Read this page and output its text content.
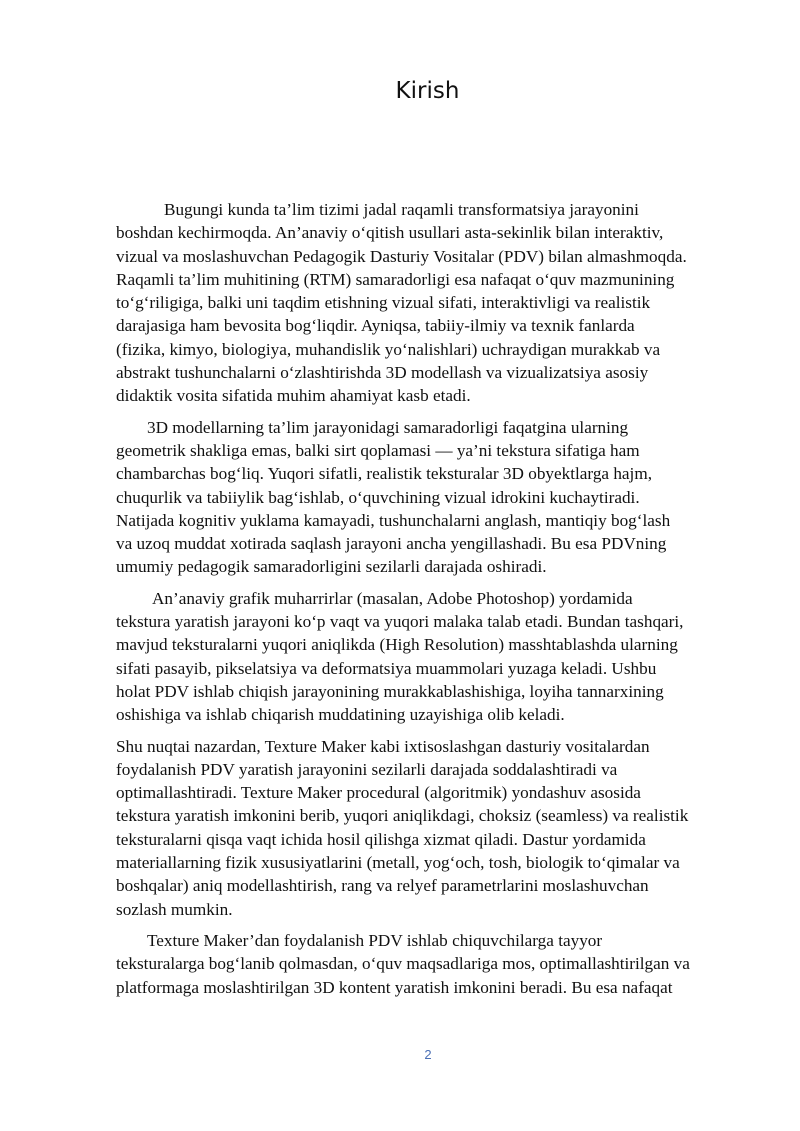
Kirish

Bugungi kunda ta’lim tizimi jadal raqamli transformatsiya jarayonini
boshdan kechirmoqda. An’anaviy o‘qitish usullari asta-sekinlik bilan interaktiv,
vizual va moslashuvchan Pedagogik Dasturiy Vositalar (PDV) bilan almashmoqda.
Raqamli ta’lim muhitining (RTM) samaradorligi esa nafaqat o‘quv mazmunining
to‘g‘riligiga, balki uni taqdim etishning vizual sifati, interaktivligi va realistik
darajasiga ham bevosita bog‘liqdir. Ayniqsa, tabiiy-ilmiy va texnik fanlarda
(fizika, kimyo, biologiya, muhandislik yo‘nalishlari) uchraydigan murakkab va
abstrakt tushunchalarni o‘zlashtirishda 3D modellash va vizualizatsiya asosiy
didaktik vosita sifatida muhim ahamiyat kasb etadi.

3D modellarning ta’lim jarayonidagi samaradorligi faqatgina ularning
geometrik shakliga emas, balki sirt qoplamasi — ya’ni tekstura sifatiga ham
chambarchas bog‘liq. Yuqori sifatli, realistik teksturalar 3D obyektlarga hajm,
chuqurlik va tabiiylik bag‘ishlab, o‘quvchining vizual idrokini kuchaytiradi.
Natijada kognitiv yuklama kamayadi, tushunchalarni anglash, mantiqiy bog‘lash
va uzoq muddat xotirada saqlash jarayoni ancha yengillashadi. Bu esa PDVning
umumiy pedagogik samaradorligini sezilarli darajada oshiradi.

An’anaviy grafik muharrirlar (masalan, Adobe Photoshop) yordamida
tekstura yaratish jarayoni ko‘p vaqt va yuqori malaka talab etadi. Bundan tashqari,
mavjud teksturalarni yuqori aniqlikda (High Resolution) masshtablashda ularning
sifati pasayib, pikselatsiya va deformatsiya muammolari yuzaga keladi. Ushbu
holat PDV ishlab chiqish jarayonining murakkablashishiga, loyiha tannarxining
oshishiga va ishlab chiqarish muddatining uzayishiga olib keladi.

Shu nuqtai nazardan, Texture Maker kabi ixtisoslashgan dasturiy vositalardan
foydalanish PDV yaratish jarayonini sezilarli darajada soddalashtiradi va
optimallashtiradi. Texture Maker procedural (algoritmik) yondashuv asosida
tekstura yaratish imkonini berib, yuqori aniqlikdagi, choksiz (seamless) va realistik
teksturalarni qisqa vaqt ichida hosil qilishga xizmat qiladi. Dastur yordamida
materiallarning fizik xususiyatlarini (metall, yog‘och, tosh, biologik to‘qimalar va
boshqalar) aniq modellashtirish, rang va relyef parametrlarini moslashuvchan
sozlash mumkin.

Texture Maker’dan foydalanish PDV ishlab chiquvchilarga tayyor
teksturalarga bog‘lanib qolmasdan, o‘quv maqsadlariga mos, optimallashtirilgan va
platformaga moslashtirilgan 3D kontent yaratish imkonini beradi. Bu esa nafaqat

2
